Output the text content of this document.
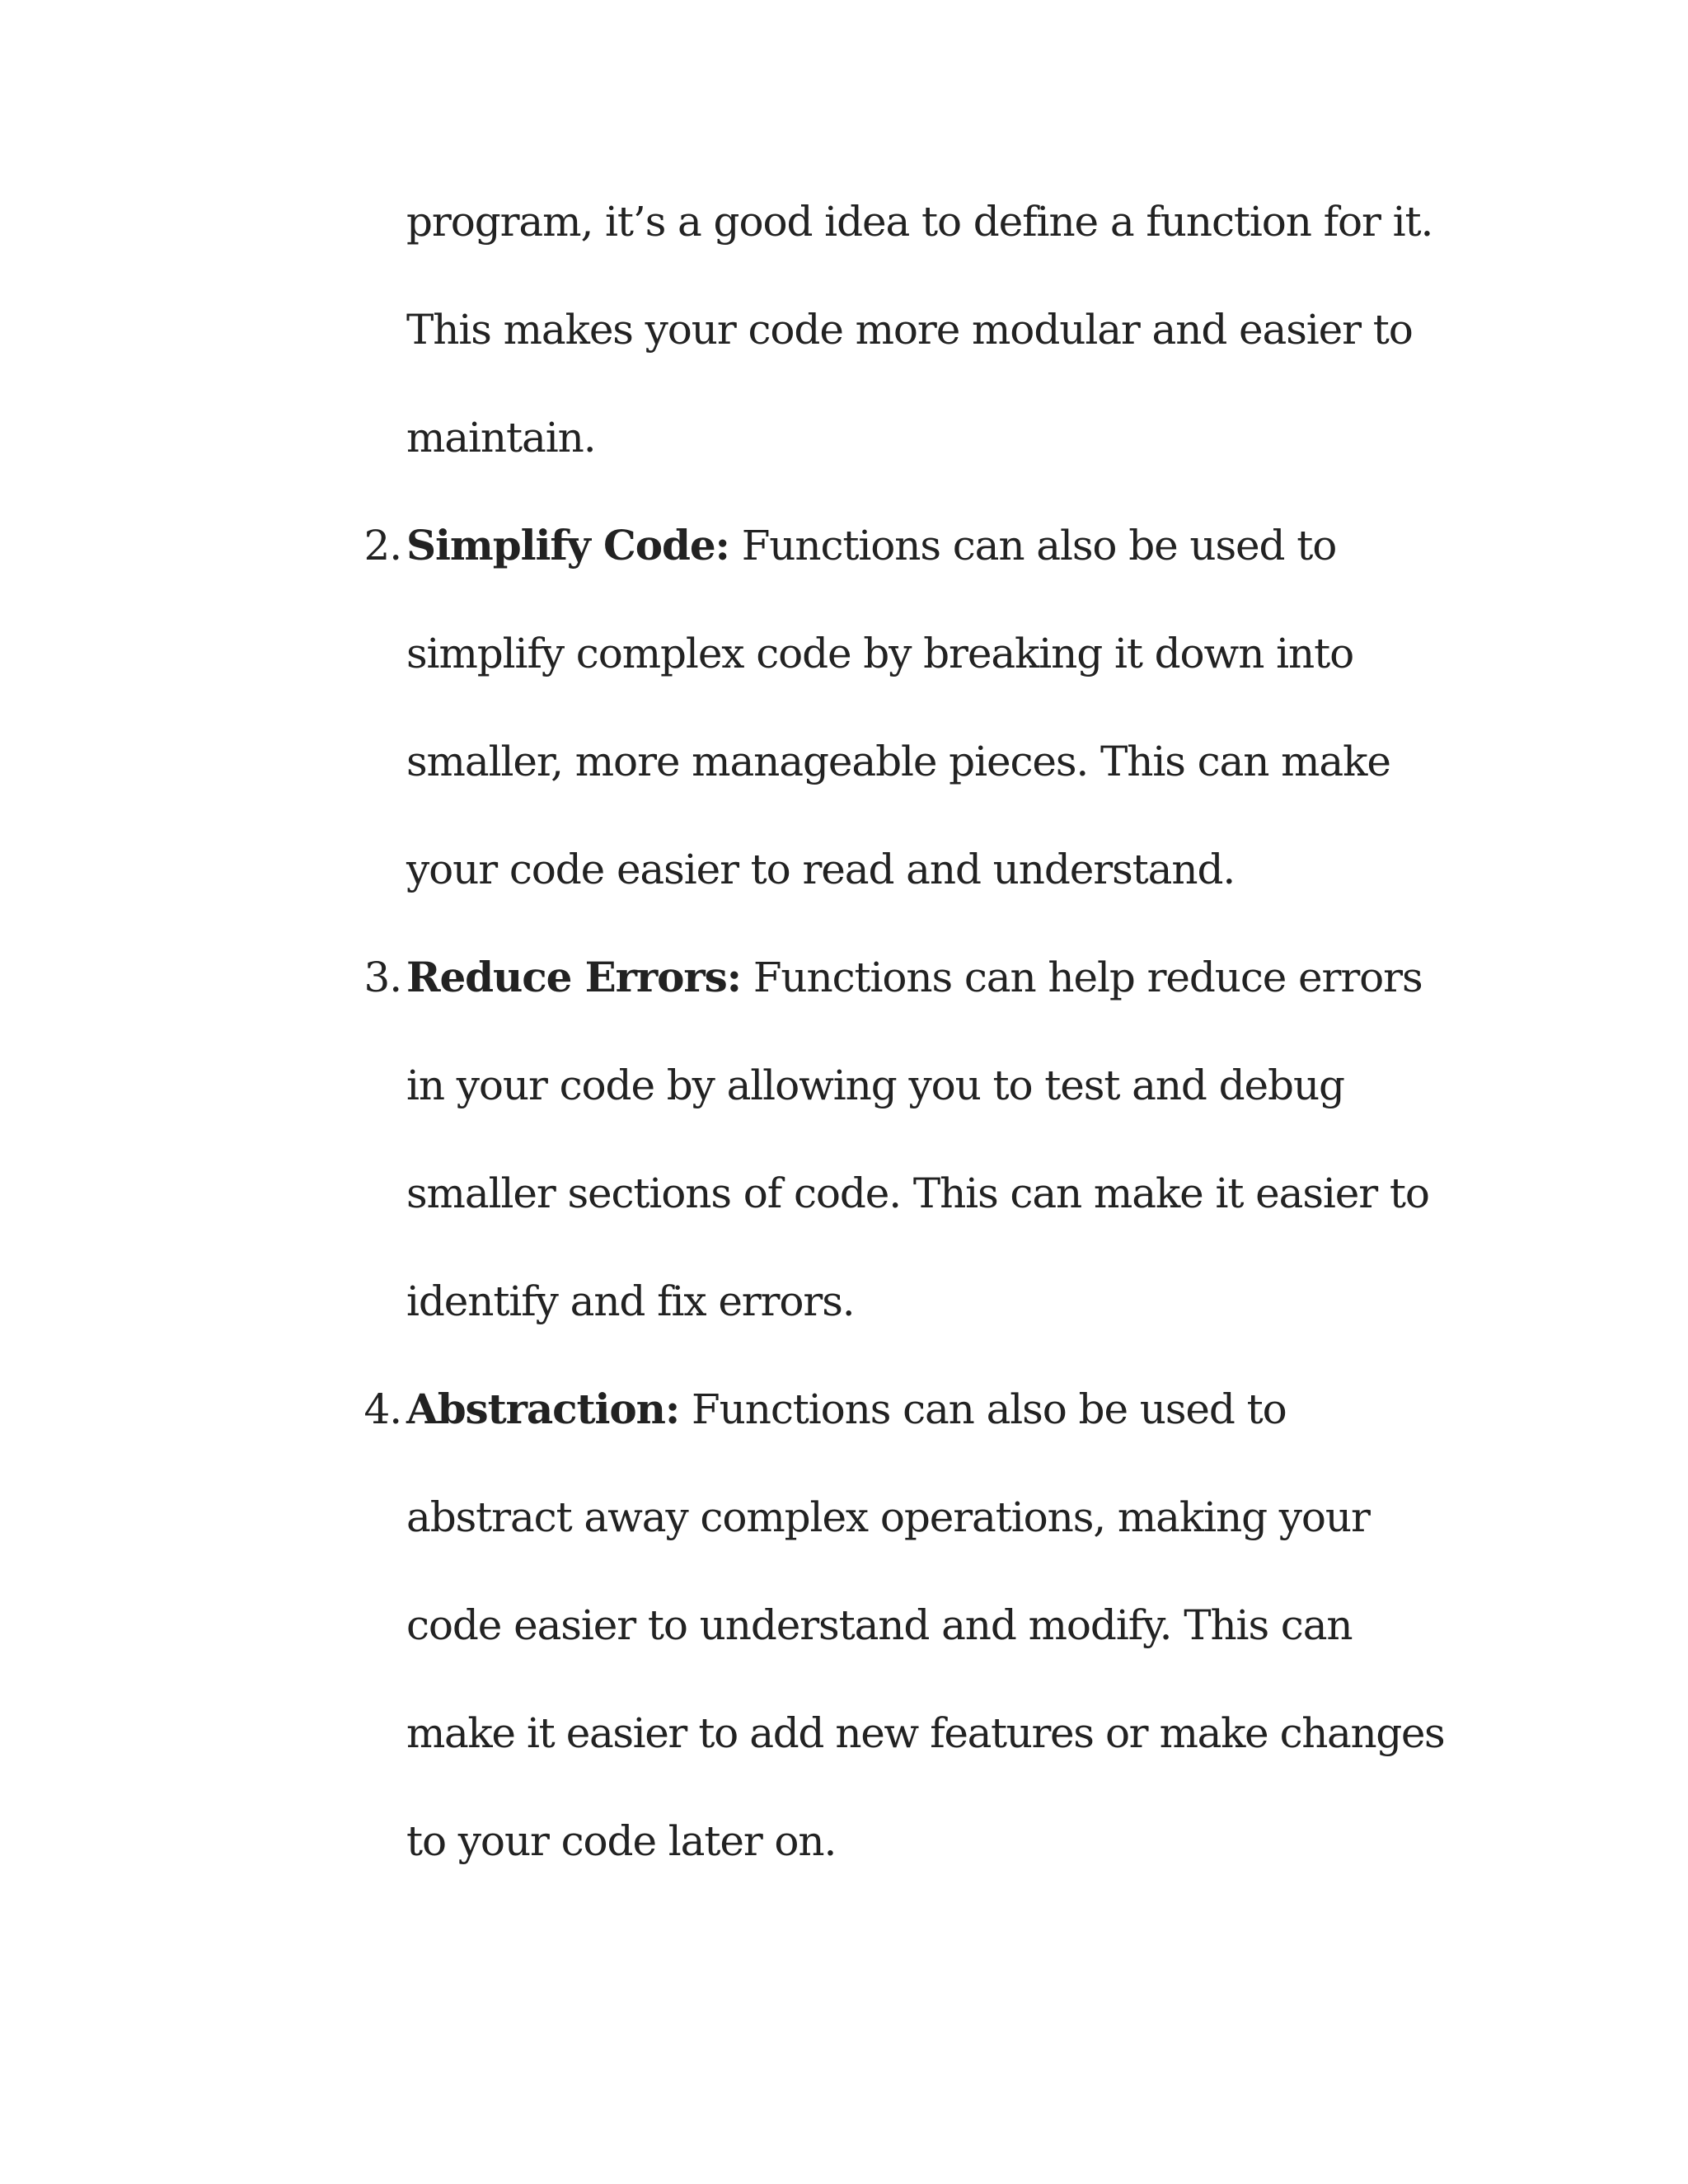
program, it’s a good idea to define a function for it.
This makes your code more modular and easier to
maintain.
2. Simplify Code: Functions can also be used to
simplify complex code by breaking it down into
smaller, more manageable pieces. This can make
your code easier to read and understand.
3. Reduce Errors: Functions can help reduce errors
in your code by allowing you to test and debug
smaller sections of code. This can make it easier to
identify and fix errors.
4. Abstraction: Functions can also be used to
abstract away complex operations, making your
code easier to understand and modify. This can
make it easier to add new features or make changes
to your code later on.
